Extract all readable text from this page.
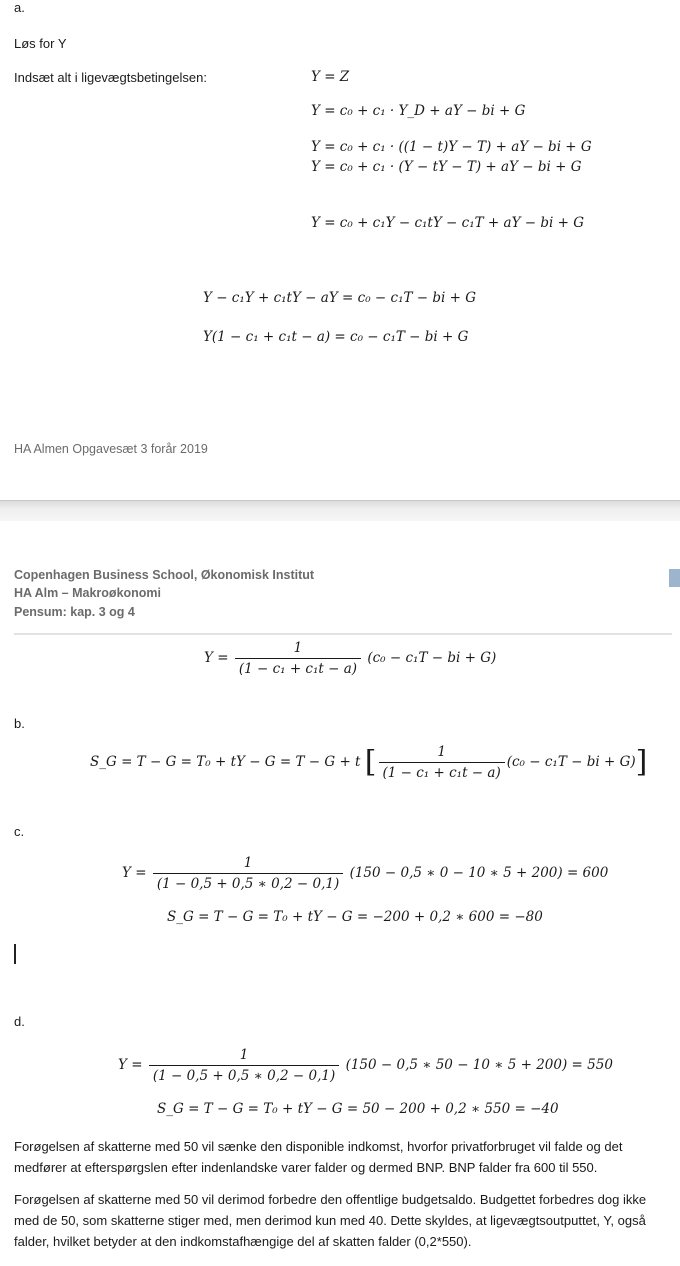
a.
Løs for Y
Indsæt alt i ligevægtsbetingelsen:	Y = Z
Y = c₀ + c₁ · Y_D + aY − bi + G
Y = c₀ + c₁ · ((1 − t)Y − T) + aY − bi + G
Y = c₀ + c₁ · (Y − tY − T) + aY − bi + G
Y = c₀ + c₁Y − c₁tY − c₁T + aY − bi + G
Y − c₁Y + c₁tY − aY = c₀ − c₁T − bi + G
Y(1 − c₁ + c₁t − a) = c₀ − c₁T − bi + G
HA Almen Opgavesæt 3 forår 2019
Copenhagen Business School, Økonomisk Institut
HA Alm – Makroøkonomi
Pensum: kap. 3 og 4
$Y = \frac{1}{\text{(1 − c₁ + c₁t − a)}} (c_0 - c_1T$ − bi + G)
b.
S_G = T − G = T₀ + tY − G = T − G + t [ $\frac{1}{\text{(1 − c₁ + c₁t − a)}} (c_0 - c_1T$ − bi + G)]
c.
$Y = \frac{1}{(1 - 0,5 + 0,5 ∗ 0,2 - 0,1)} (150 - 0,5$ ∗ 0 − 10 ∗ 5 + 200) = 600
S_G = T − G = T₀ + tY − G = −200 + 0,2 ∗ 600 = −80
d.
$Y = \frac{1}{(1 - 0,5 + 0,5 ∗ 0,2 - 0,1)} (150 - 0,5$ ∗ 50 − 10 ∗ 5 + 200) = 550
S_G = T − G = T₀ + tY − G = 50 − 200 + 0,2 ∗ 550 = −40
Forøgelsen af skatterne med 50 vil sænke den disponible indkomst, hvorfor privatforbruget vil falde og det medfører at efterspørgslen efter indenlandske varer falder og dermed BNP. BNP falder fra 600 til 550.
Forøgelsen af skatterne med 50 vil derimod forbedre den offentlige budgetsaldo. Budgettet forbedres dog ikke med de 50, som skatterne stiger med, men derimod kun med 40. Dette skyldes, at ligevægtsoutputtet, Y, også falder, hvilket betyder at den indkomstafhængige del af skatten falder (0,2*550).
